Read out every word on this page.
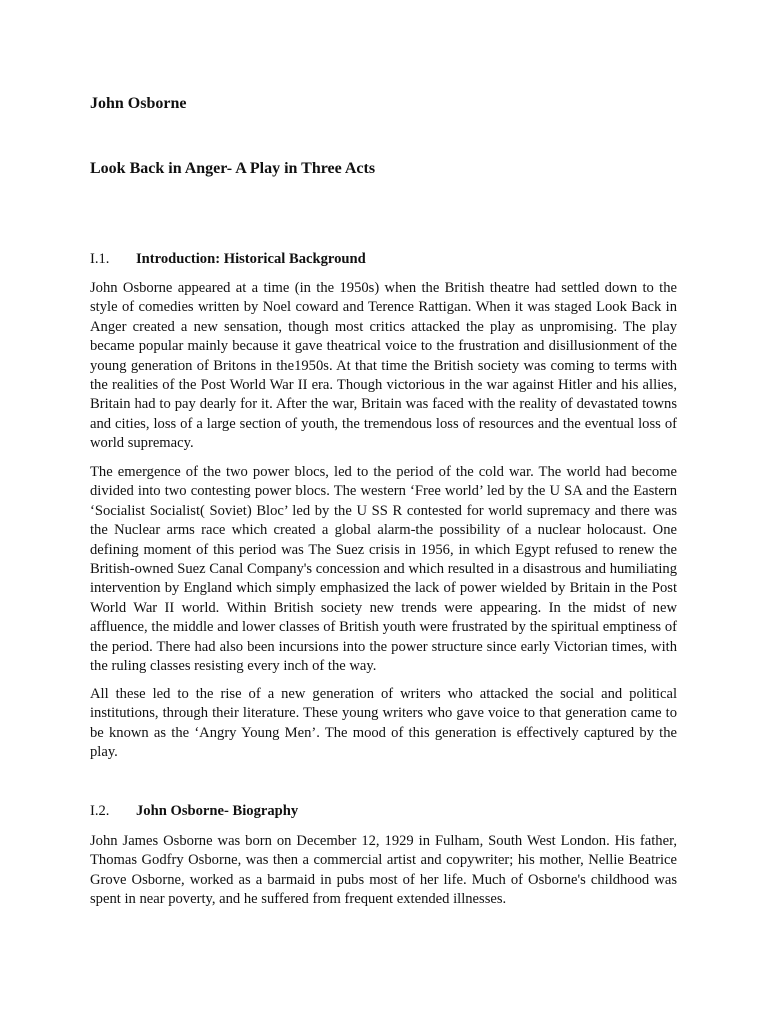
John Osborne
Look Back in Anger- A Play in Three Acts
I.1.	Introduction: Historical Background

John Osborne appeared at a time (in the 1950s) when the British theatre had settled down to the style of comedies written by Noel coward and Terence Rattigan. When it was staged Look Back in Anger created a new sensation, though most critics attacked the play as unpromising. The play became popular mainly because it gave theatrical voice to the frustration and disillusionment of the young generation of Britons in the1950s. At that time the British society was coming to terms with the realities of the Post World War II era. Though victorious in the war against Hitler and his allies, Britain had to pay dearly for it. After the war, Britain was faced with the reality of devastated towns and cities, loss of a large section of youth, the tremendous loss of resources and the eventual loss of world supremacy.

The emergence of the two power blocs, led to the period of the cold war. The world had become divided into two contesting power blocs. The western ‘Free world’ led by the U SA and the Eastern ‘Socialist Socialist( Soviet) Bloc’ led by the U SS R contested for world supremacy and there was the Nuclear arms race which created a global alarm-the possibility of a nuclear holocaust. One defining moment of this period was The Suez crisis in 1956, in which Egypt refused to renew the British-owned Suez Canal Company's concession and which resulted in a disastrous and humiliating intervention by England which simply emphasized the lack of power wielded by Britain in the Post World War II world. Within British society new trends were appearing. In the midst of new affluence, the middle and lower classes of British youth were frustrated by the spiritual emptiness of the period. There had also been incursions into the power structure since early Victorian times, with the ruling classes resisting every inch of the way.

All these led to the rise of a new generation of writers who attacked the social and political institutions, through their literature. These young writers who gave voice to that generation came to be known as the ‘Angry Young Men’. The mood of this generation is effectively captured by the play.

I.2.	John Osborne- Biography

John James Osborne was born on December 12, 1929 in Fulham, South West London. His father, Thomas Godfry Osborne, was then a commercial artist and copywriter; his mother, Nellie Beatrice Grove Osborne, worked as a barmaid in pubs most of her life. Much of Osborne's childhood was spent in near poverty, and he suffered from frequent extended illnesses.
